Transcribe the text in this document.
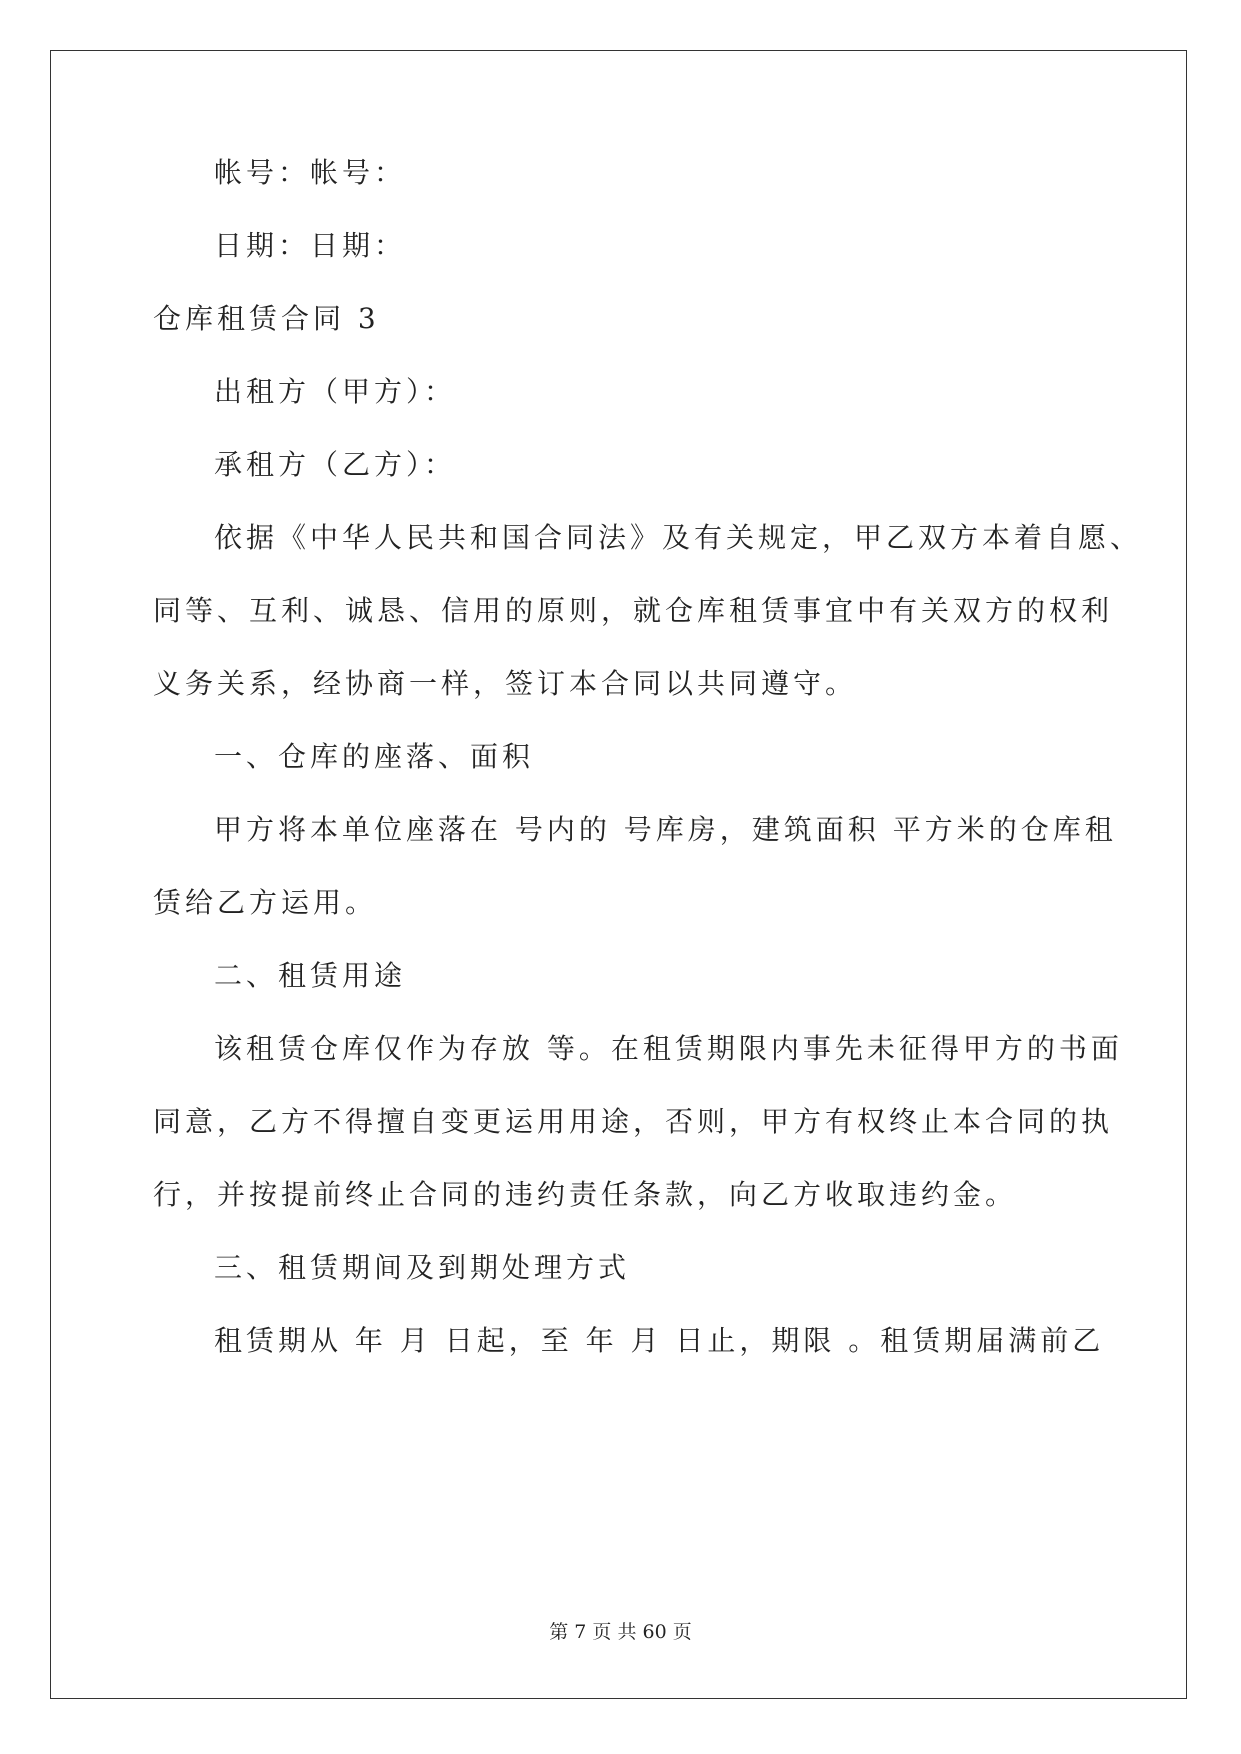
帐号：帐号：
日期：日期：
仓库租赁合同 3
出租方（甲方）：
承租方（乙方）：
依据《中华人民共和国合同法》及有关规定，甲乙双方本着自愿、
同等、互利、诚恳、信用的原则，就仓库租赁事宜中有关双方的权利
义务关系，经协商一样，签订本合同以共同遵守。
一、仓库的座落、面积
甲方将本单位座落在 号内的 号库房，建筑面积 平方米的仓库租
赁给乙方运用。
二、租赁用途
该租赁仓库仅作为存放 等。在租赁期限内事先未征得甲方的书面
同意，乙方不得擅自变更运用用途，否则，甲方有权终止本合同的执
行，并按提前终止合同的违约责任条款，向乙方收取违约金。
三、租赁期间及到期处理方式
租赁期从 年 月 日起，至 年 月 日止，期限 。租赁期届满前乙
第 7 页 共 60 页
